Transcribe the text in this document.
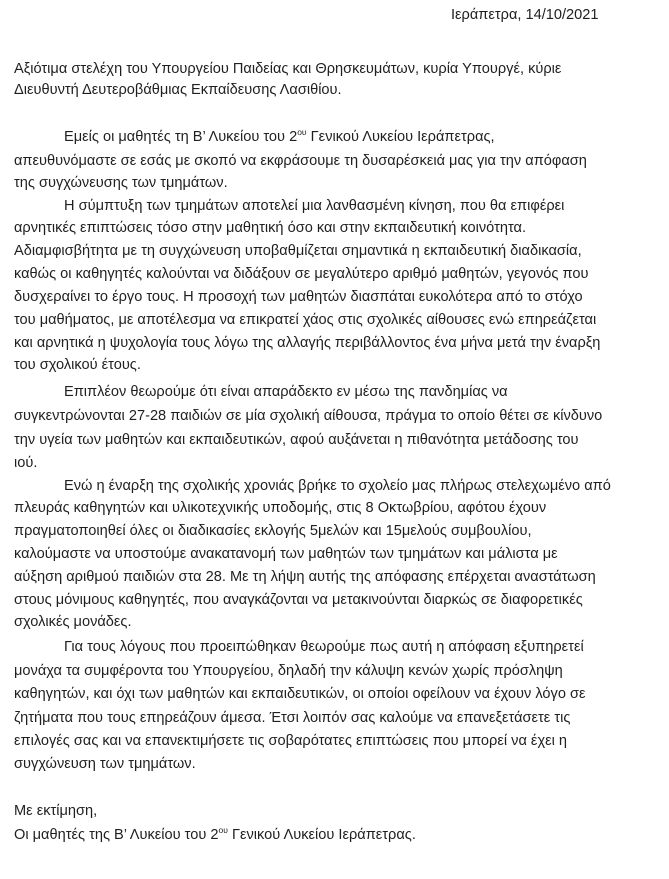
Ιεράπετρα, 14/10/2021
Αξιότιμα στελέχη του Υπουργείου Παιδείας και Θρησκευμάτων, κυρία Υπουργέ, κύριε
Διευθυντή Δευτεροβάθμιας Εκπαίδευσης Λασιθίου.
Εμείς οι μαθητές τη Β’ Λυκείου του $2^{o\upsilon}$ Γενικού Λυκείου Ιεράπετρας,
απευθυνόμαστε σε εσάς με σκοπό να εκφράσουμε τη δυσαρέσκειά μας για την απόφαση
της συγχώνευσης των τμημάτων.
Η σύμπτυξη των τμημάτων αποτελεί μια λανθασμένη κίνηση, που θα επιφέρει
αρνητικές επιπτώσεις τόσο στην μαθητική όσο και στην εκπαιδευτική κοινότητα.
Αδιαμφισβήτητα με τη συγχώνευση υποβαθμίζεται σημαντικά η εκπαιδευτική διαδικασία,
καθώς οι καθηγητές καλούνται να διδάξουν σε μεγαλύτερο αριθμό μαθητών, γεγονός που
δυσχεραίνει το έργο τους. Η προσοχή των μαθητών διασπάται ευκολότερα από το στόχο
του μαθήματος, με αποτέλεσμα να επικρατεί χάος στις σχολικές αίθουσες ενώ επηρεάζεται
και αρνητικά η ψυχολογία τους λόγω της αλλαγής περιβάλλοντος ένα μήνα μετά την έναρξη
του σχολικού έτους.
Επιπλέον θεωρούμε ότι είναι απαράδεκτο εν μέσω της πανδημίας να
συγκεντρώνονται 27-28 παιδιών σε μία σχολική αίθουσα, πράγμα το οποίο θέτει σε κίνδυνο
την υγεία των μαθητών και εκπαιδευτικών, αφού αυξάνεται η πιθανότητα μετάδοσης του
ιού.
Ενώ η έναρξη της σχολικής χρονιάς βρήκε το σχολείο μας πλήρως στελεχωμένο από
πλευράς καθηγητών και υλικοτεχνικής υποδομής, στις 8 Οκτωβρίου, αφότου έχουν
πραγματοποιηθεί όλες οι διαδικασίες εκλογής 5μελών και 15μελούς συμβουλίου,
καλούμαστε να υποστούμε ανακατανομή των μαθητών των τμημάτων και μάλιστα με
αύξηση αριθμού παιδιών στα 28. Με τη λήψη αυτής της απόφασης επέρχεται αναστάτωση
στους μόνιμους καθηγητές, που αναγκάζονται να μετακινούνται διαρκώς σε διαφορετικές
σχολικές μονάδες.
Για τους λόγους που προειπώθηκαν θεωρούμε πως αυτή η απόφαση εξυπηρετεί
μονάχα τα συμφέροντα του Υπουργείου, δηλαδή την κάλυψη κενών χωρίς πρόσληψη
καθηγητών, και όχι των μαθητών και εκπαιδευτικών, οι οποίοι οφείλουν να έχουν λόγο σε
ζητήματα που τους επηρεάζουν άμεσα. Έτσι λοιπόν σας καλούμε να επανεξετάσετε τις
επιλογές σας και να επανεκτιμήσετε τις σοβαρότατες επιπτώσεις που μπορεί να έχει η
συγχώνευση των τμημάτων.
Με εκτίμηση,
Οι μαθητές της Β’ Λυκείου του $2^{o\upsilon}$ Γενικού Λυκείου Ιεράπετρας.
